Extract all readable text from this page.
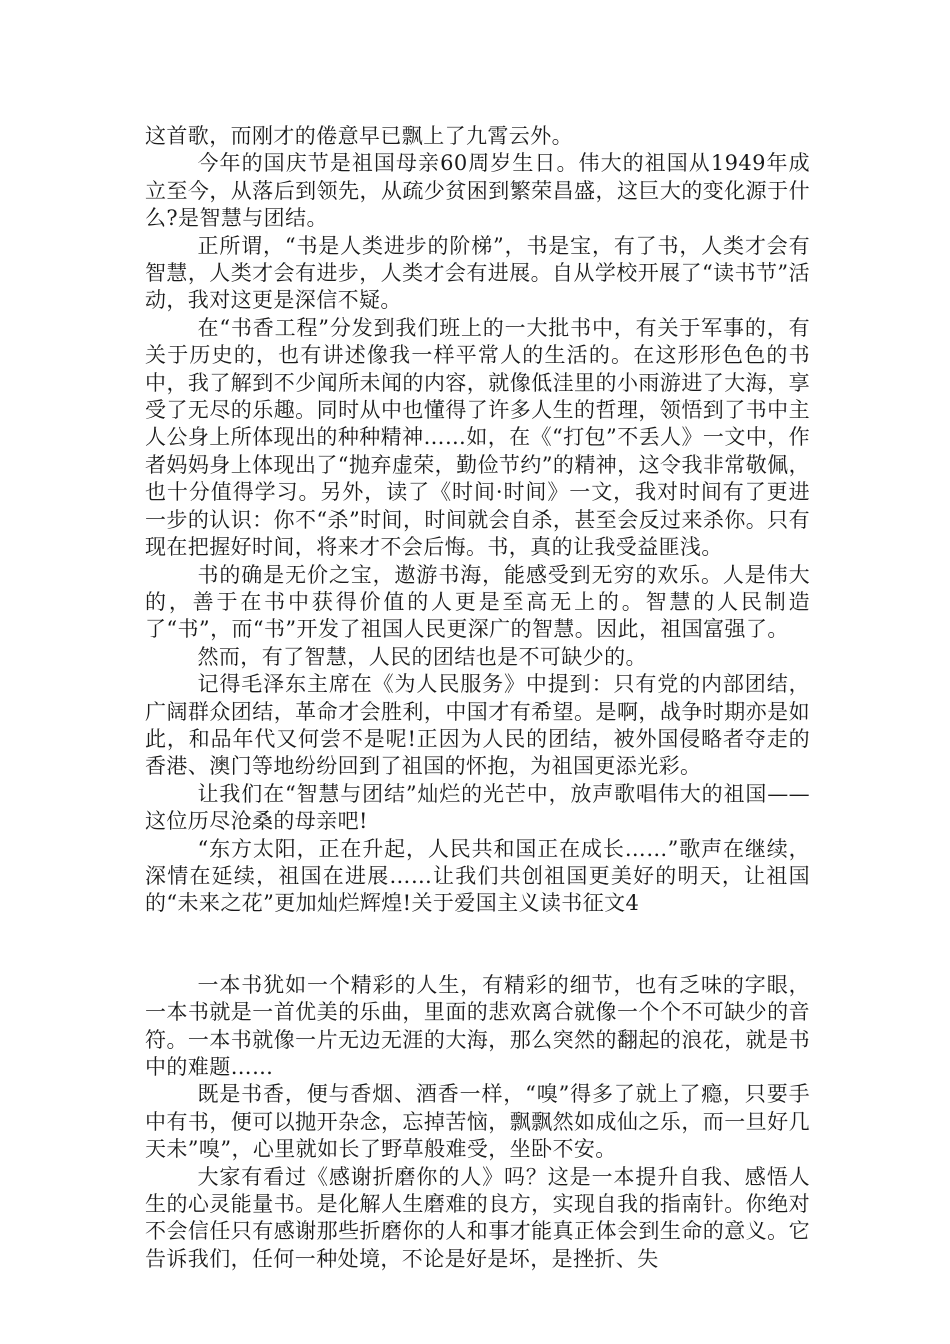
这首歌，而刚才的倦意早已飘上了九霄云外。

今年的国庆节是祖国母亲60周岁生日。伟大的祖国从1949年成立至今，从落后到领先，从疏少贫困到繁荣昌盛，这巨大的变化源于什么?是智慧与团结。

正所谓，“书是人类进步的阶梯”，书是宝，有了书，人类才会有智慧，人类才会有进步，人类才会有进展。自从学校开展了“读书节”活动，我对这更是深信不疑。

在“书香工程”分发到我们班上的一大批书中，有关于军事的，有关于历史的，也有讲述像我一样平常人的生活的。在这形形色色的书中，我了解到不少闻所未闻的内容，就像低洼里的小雨游进了大海，享受了无尽的乐趣。同时从中也懂得了许多人生的哲理，领悟到了书中主人公身上所体现出的种种精神……如，在《“打包”不丢人》一文中，作者妈妈身上体现出了“抛弃虚荣，勤俭节约”的精神，这令我非常敬佩，也十分值得学习。另外，读了《时间·时间》一文，我对时间有了更进一步的认识：你不“杀”时间，时间就会自杀，甚至会反过来杀你。只有现在把握好时间，将来才不会后悔。书，真的让我受益匪浅。

书的确是无价之宝，遨游书海，能感受到无穷的欢乐。人是伟大的，善于在书中获得价值的人更是至高无上的。智慧的人民制造了“书”，而“书”开发了祖国人民更深广的智慧。因此，祖国富强了。

然而，有了智慧，人民的团结也是不可缺少的。

记得毛泽东主席在《为人民服务》中提到：只有党的内部团结，广阔群众团结，革命才会胜利，中国才有希望。是啊，战争时期亦是如此，和品年代又何尝不是呢!正因为人民的团结，被外国侵略者夺走的香港、澳门等地纷纷回到了祖国的怀抱，为祖国更添光彩。

让我们在“智慧与团结”灿烂的光芒中，放声歌唱伟大的祖国——这位历尽沧桑的母亲吧!

“东方太阳，正在升起，人民共和国正在成长……”歌声在继续，深情在延续，祖国在进展……让我们共创祖国更美好的明天，让祖国的“未来之花”更加灿烂辉煌!关于爱国主义读书征文4

一本书犹如一个精彩的人生，有精彩的细节，也有乏味的字眼，一本书就是一首优美的乐曲，里面的悲欢离合就像一个个不可缺少的音符。一本书就像一片无边无涯的大海，那么突然的翻起的浪花，就是书中的难题……

既是书香，便与香烟、酒香一样，“嗅”得多了就上了瘾，只要手中有书，便可以抛开杂念，忘掉苦恼，飘飘然如成仙之乐，而一旦好几天未”嗅”，心里就如长了野草般难受，坐卧不安。

大家有看过《感谢折磨你的人》吗？这是一本提升自我、感悟人生的心灵能量书。是化解人生磨难的良方，实现自我的指南针。你绝对不会信任只有感谢那些折磨你的人和事才能真正体会到生命的意义。它告诉我们，任何一种处境，不论是好是坏，是挫折、失
